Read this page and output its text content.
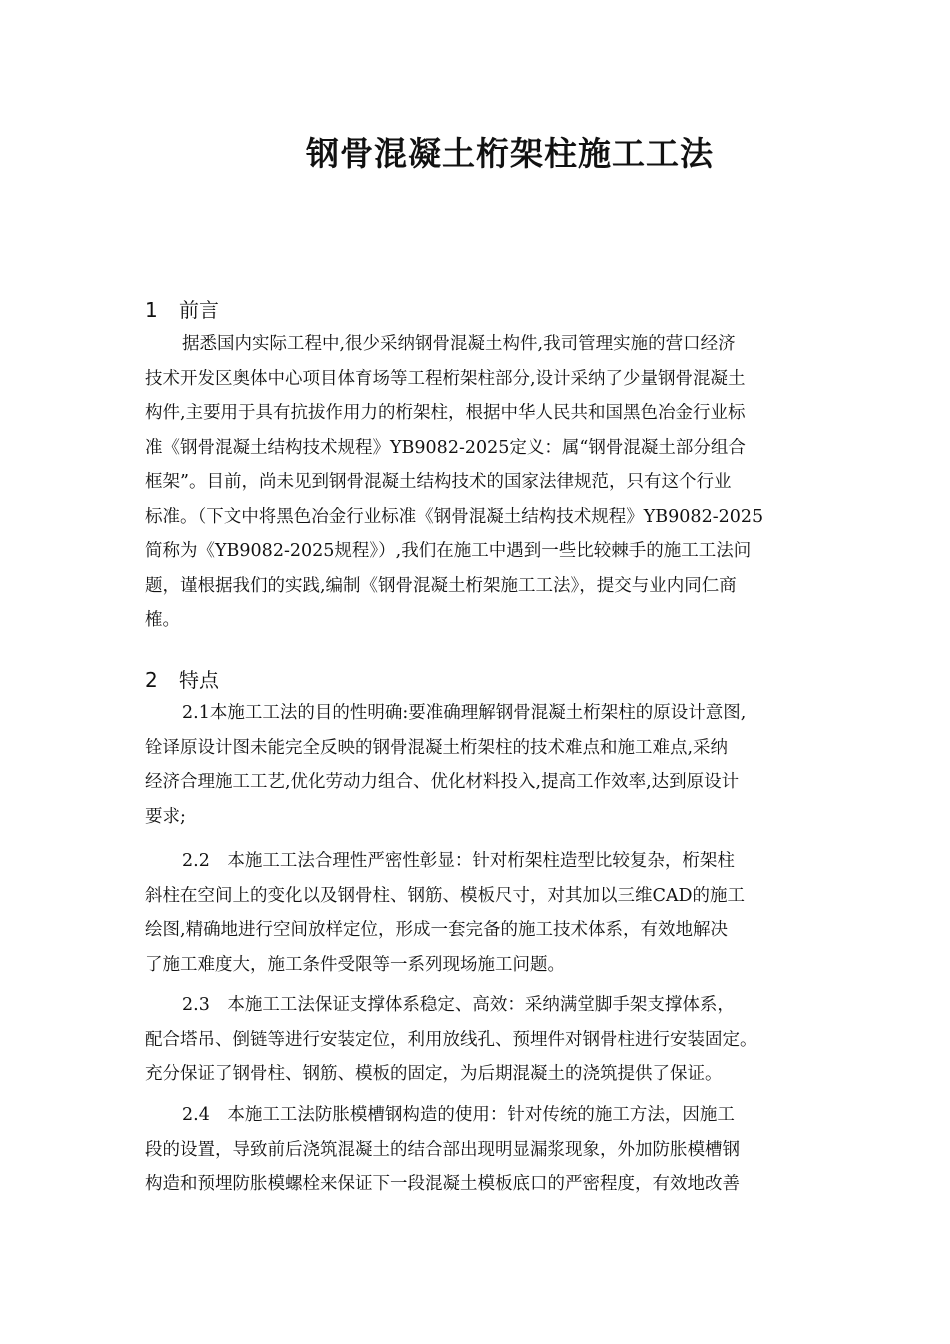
钢骨混凝土桁架柱施工工法
1 前言
据悉国内实际工程中,很少采纳钢骨混凝土构件,我司管理实施的营口经济
技术开发区奥体中心项目体育场等工程桁架柱部分,设计采纳了少量钢骨混凝土
构件,主要用于具有抗拔作用力的桁架柱，根据中华人民共和国黑色冶金行业标
准《钢骨混凝土结构技术规程》YB9082-2025定义：属“钢骨混凝土部分组合
框架”。目前，尚未见到钢骨混凝土结构技术的国家法律规范，只有这个行业
标准。（下文中将黑色冶金行业标准《钢骨混凝土结构技术规程》YB9082-2025
简称为《YB9082-2025规程》）,我们在施工中遇到一些比较棘手的施工工法问
题，谨根据我们的实践,编制《钢骨混凝土桁架施工工法》，提交与业内同仁商
榷。
2 特点
2.1本施工工法的目的性明确:要准确理解钢骨混凝土桁架柱的原设计意图,
铨译原设计图未能完全反映的钢骨混凝土桁架柱的技术难点和施工难点,采纳
经济合理施工工艺,优化劳动力组合、优化材料投入,提高工作效率,达到原设计
要求;
2.2　本施工工法合理性严密性彰显：针对桁架柱造型比较复杂，桁架柱
斜柱在空间上的变化以及钢骨柱、钢筋、模板尺寸，对其加以三维CAD的施工
绘图,精确地进行空间放样定位，形成一套完备的施工技术体系，有效地解决
了施工难度大，施工条件受限等一系列现场施工问题。
2.3　本施工工法保证支撑体系稳定、高效：采纳满堂脚手架支撑体系，
配合塔吊、倒链等进行安装定位，利用放线孔、预埋件对钢骨柱进行安装固定。
充分保证了钢骨柱、钢筋、模板的固定，为后期混凝土的浇筑提供了保证。
2.4　本施工工法防胀模槽钢构造的使用：针对传统的施工方法，因施工
段的设置，导致前后浇筑混凝土的结合部出现明显漏浆现象，外加防胀模槽钢
构造和预埋防胀模螺栓来保证下一段混凝土模板底口的严密程度，有效地改善
